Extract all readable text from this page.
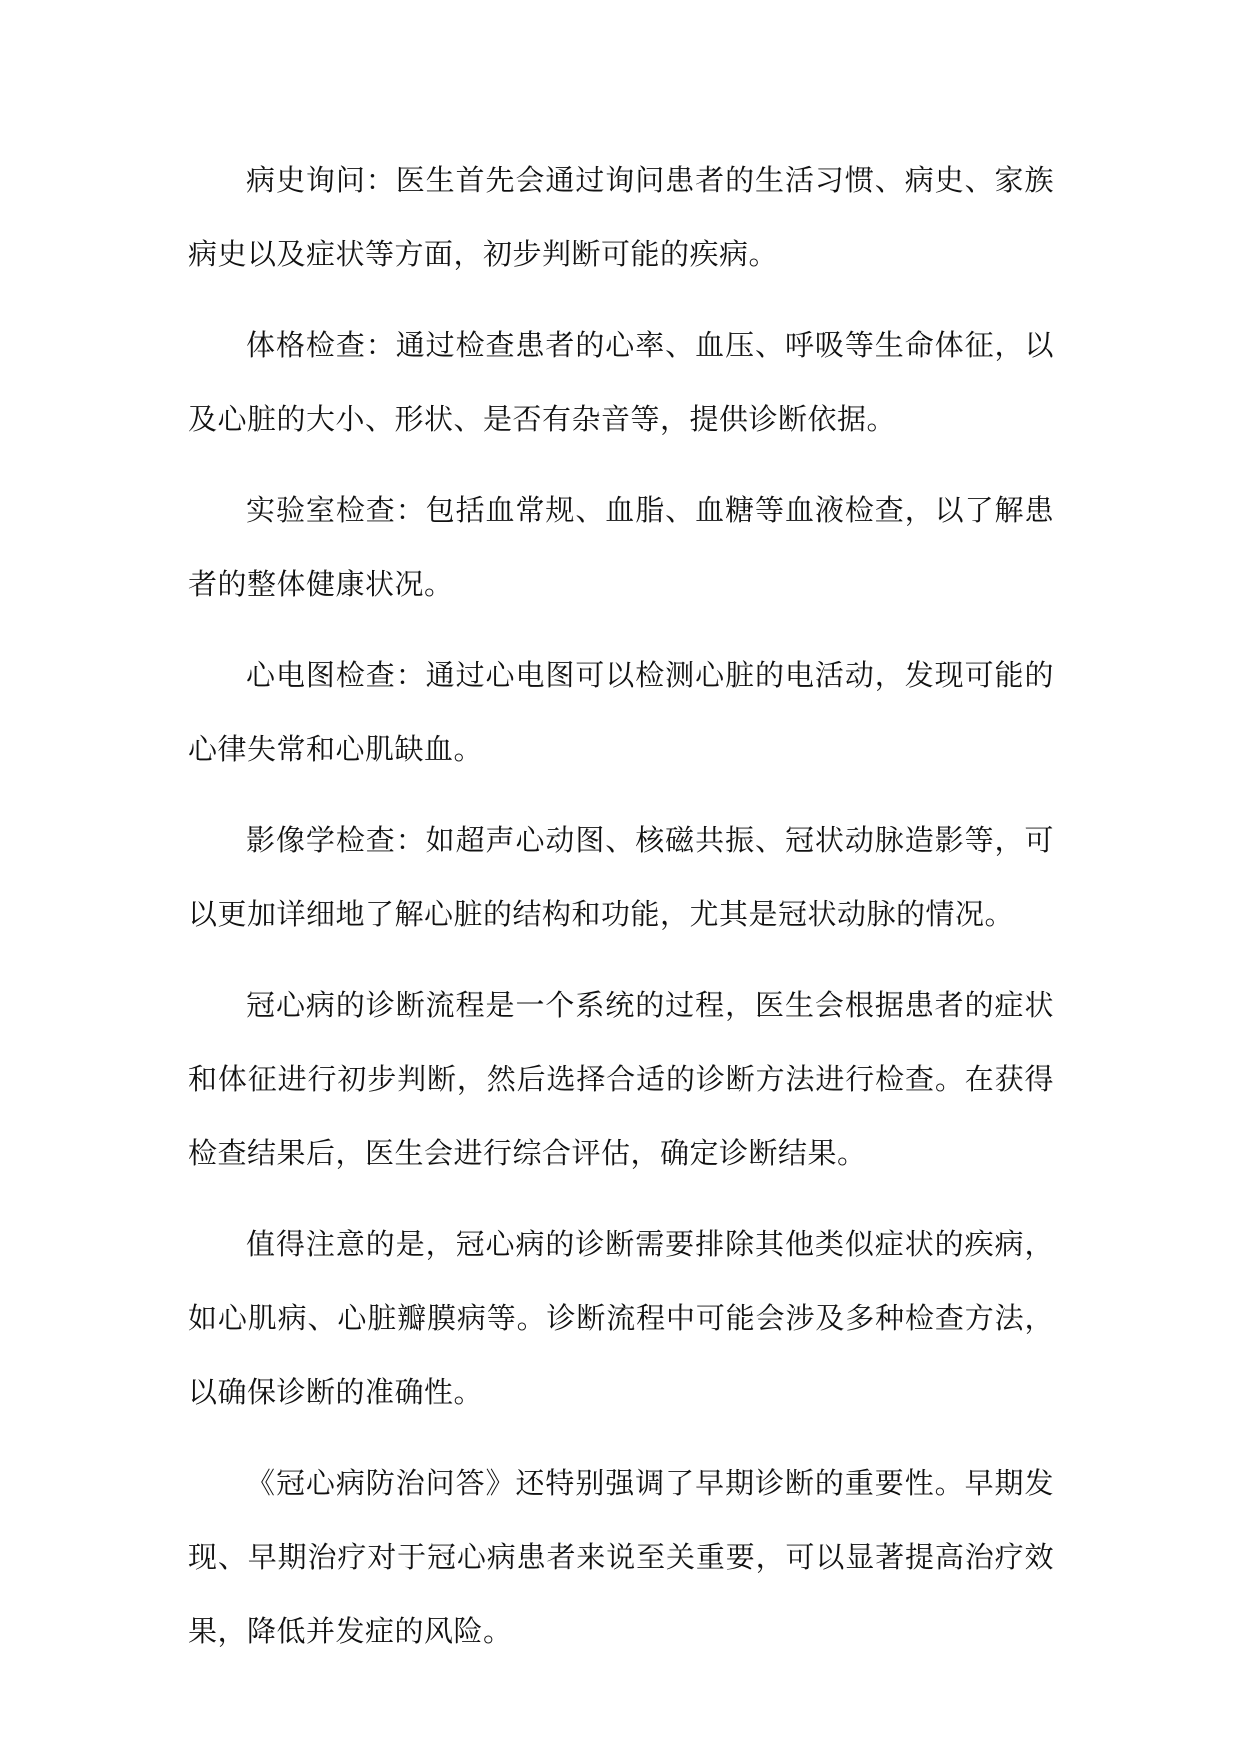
病史询问：医生首先会通过询问患者的生活习惯、病史、家族病史以及症状等方面，初步判断可能的疾病。

体格检查：通过检查患者的心率、血压、呼吸等生命体征，以及心脏的大小、形状、是否有杂音等，提供诊断依据。

实验室检查：包括血常规、血脂、血糖等血液检查，以了解患者的整体健康状况。

心电图检查：通过心电图可以检测心脏的电活动，发现可能的心律失常和心肌缺血。

影像学检查：如超声心动图、核磁共振、冠状动脉造影等，可以更加详细地了解心脏的结构和功能，尤其是冠状动脉的情况。

冠心病的诊断流程是一个系统的过程，医生会根据患者的症状和体征进行初步判断，然后选择合适的诊断方法进行检查。在获得检查结果后，医生会进行综合评估，确定诊断结果。

值得注意的是，冠心病的诊断需要排除其他类似症状的疾病，如心肌病、心脏瓣膜病等。诊断流程中可能会涉及多种检查方法，以确保诊断的准确性。

《冠心病防治问答》还特别强调了早期诊断的重要性。早期发现、早期治疗对于冠心病患者来说至关重要，可以显著提高治疗效果，降低并发症的风险。
